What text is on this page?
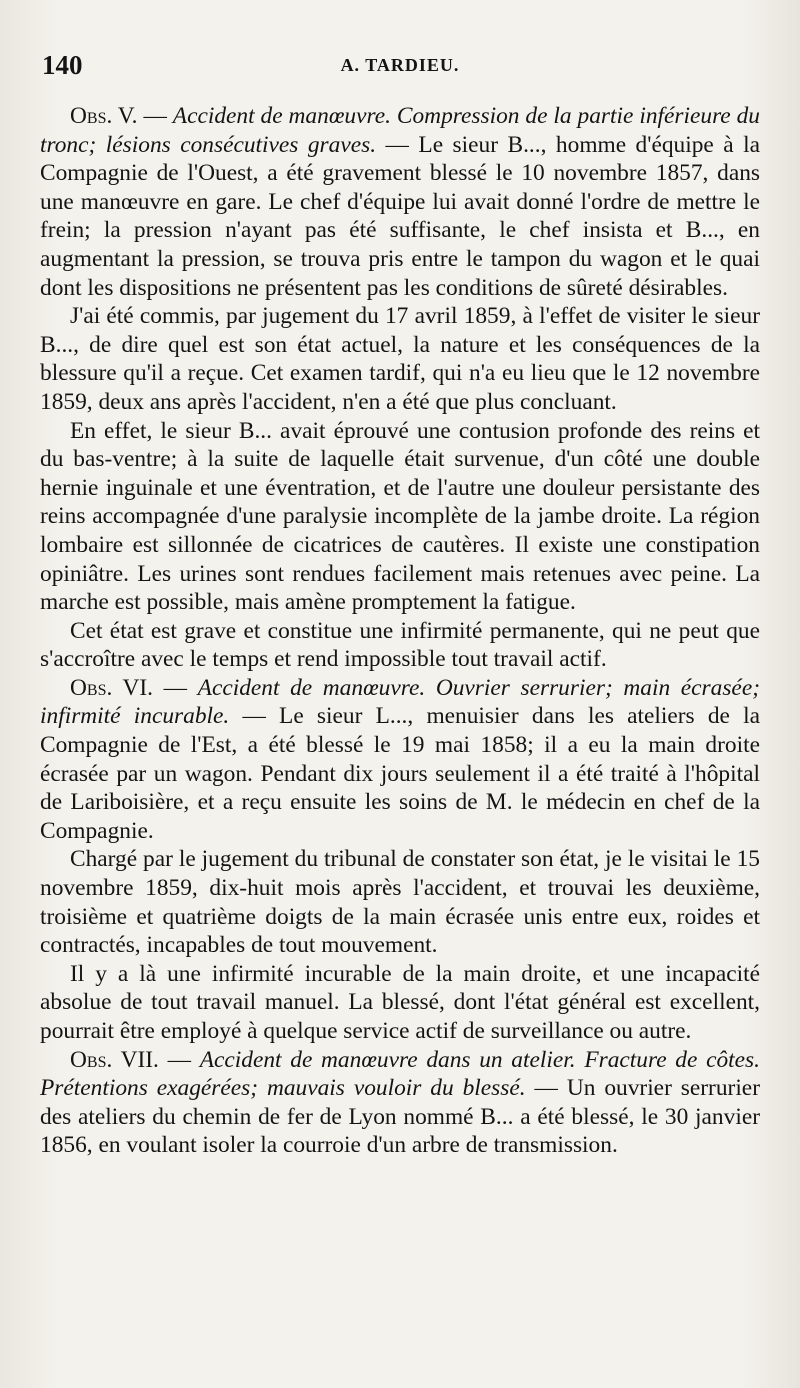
140	A. TARDIEU.

Obs. V. — Accident de manœuvre. Compression de la partie inférieure du tronc; lésions consécutives graves. — Le sieur B..., homme d'équipe à la Compagnie de l'Ouest, a été gravement blessé le 10 novembre 1857, dans une manœuvre en gare. Le chef d'équipe lui avait donné l'ordre de mettre le frein; la pression n'ayant pas été suffisante, le chef insista et B..., en augmentant la pression, se trouva pris entre le tampon du wagon et le quai dont les dispositions ne présentent pas les conditions de sûreté désirables.

J'ai été commis, par jugement du 17 avril 1859, à l'effet de visiter le sieur B..., de dire quel est son état actuel, la nature et les conséquences de la blessure qu'il a reçue. Cet examen tardif, qui n'a eu lieu que le 12 novembre 1859, deux ans après l'accident, n'en a été que plus concluant.

En effet, le sieur B... avait éprouvé une contusion profonde des reins et du bas-ventre; à la suite de laquelle était survenue, d'un côté une double hernie inguinale et une éventration, et de l'autre une douleur persistante des reins accompagnée d'une paralysie incomplète de la jambe droite. La région lombaire est sillonnée de cicatrices de cautères. Il existe une constipation opiniâtre. Les urines sont rendues facilement mais retenues avec peine. La marche est possible, mais amène promptement la fatigue.

Cet état est grave et constitue une infirmité permanente, qui ne peut que s'accroître avec le temps et rend impossible tout travail actif.

Obs. VI. — Accident de manœuvre. Ouvrier serrurier; main écrasée; infirmité incurable. — Le sieur L..., menuisier dans les ateliers de la Compagnie de l'Est, a été blessé le 19 mai 1858; il a eu la main droite écrasée par un wagon. Pendant dix jours seulement il a été traité à l'hôpital de Lariboisière, et a reçu ensuite les soins de M. le médecin en chef de la Compagnie.

Chargé par le jugement du tribunal de constater son état, je le visitai le 15 novembre 1859, dix-huit mois après l'accident, et trouvai les deuxième, troisième et quatrième doigts de la main écrasée unis entre eux, roides et contractés, incapables de tout mouvement.

Il y a là une infirmité incurable de la main droite, et une incapacité absolue de tout travail manuel. La blessé, dont l'état général est excellent, pourrait être employé à quelque service actif de surveillance ou autre.

Obs. VII. — Accident de manœuvre dans un atelier. Fracture de côtes. Prétentions exagérées; mauvais vouloir du blessé. — Un ouvrier serrurier des ateliers du chemin de fer de Lyon nommé B... a été blessé, le 30 janvier 1856, en voulant isoler la courroie d'un arbre de transmission.
